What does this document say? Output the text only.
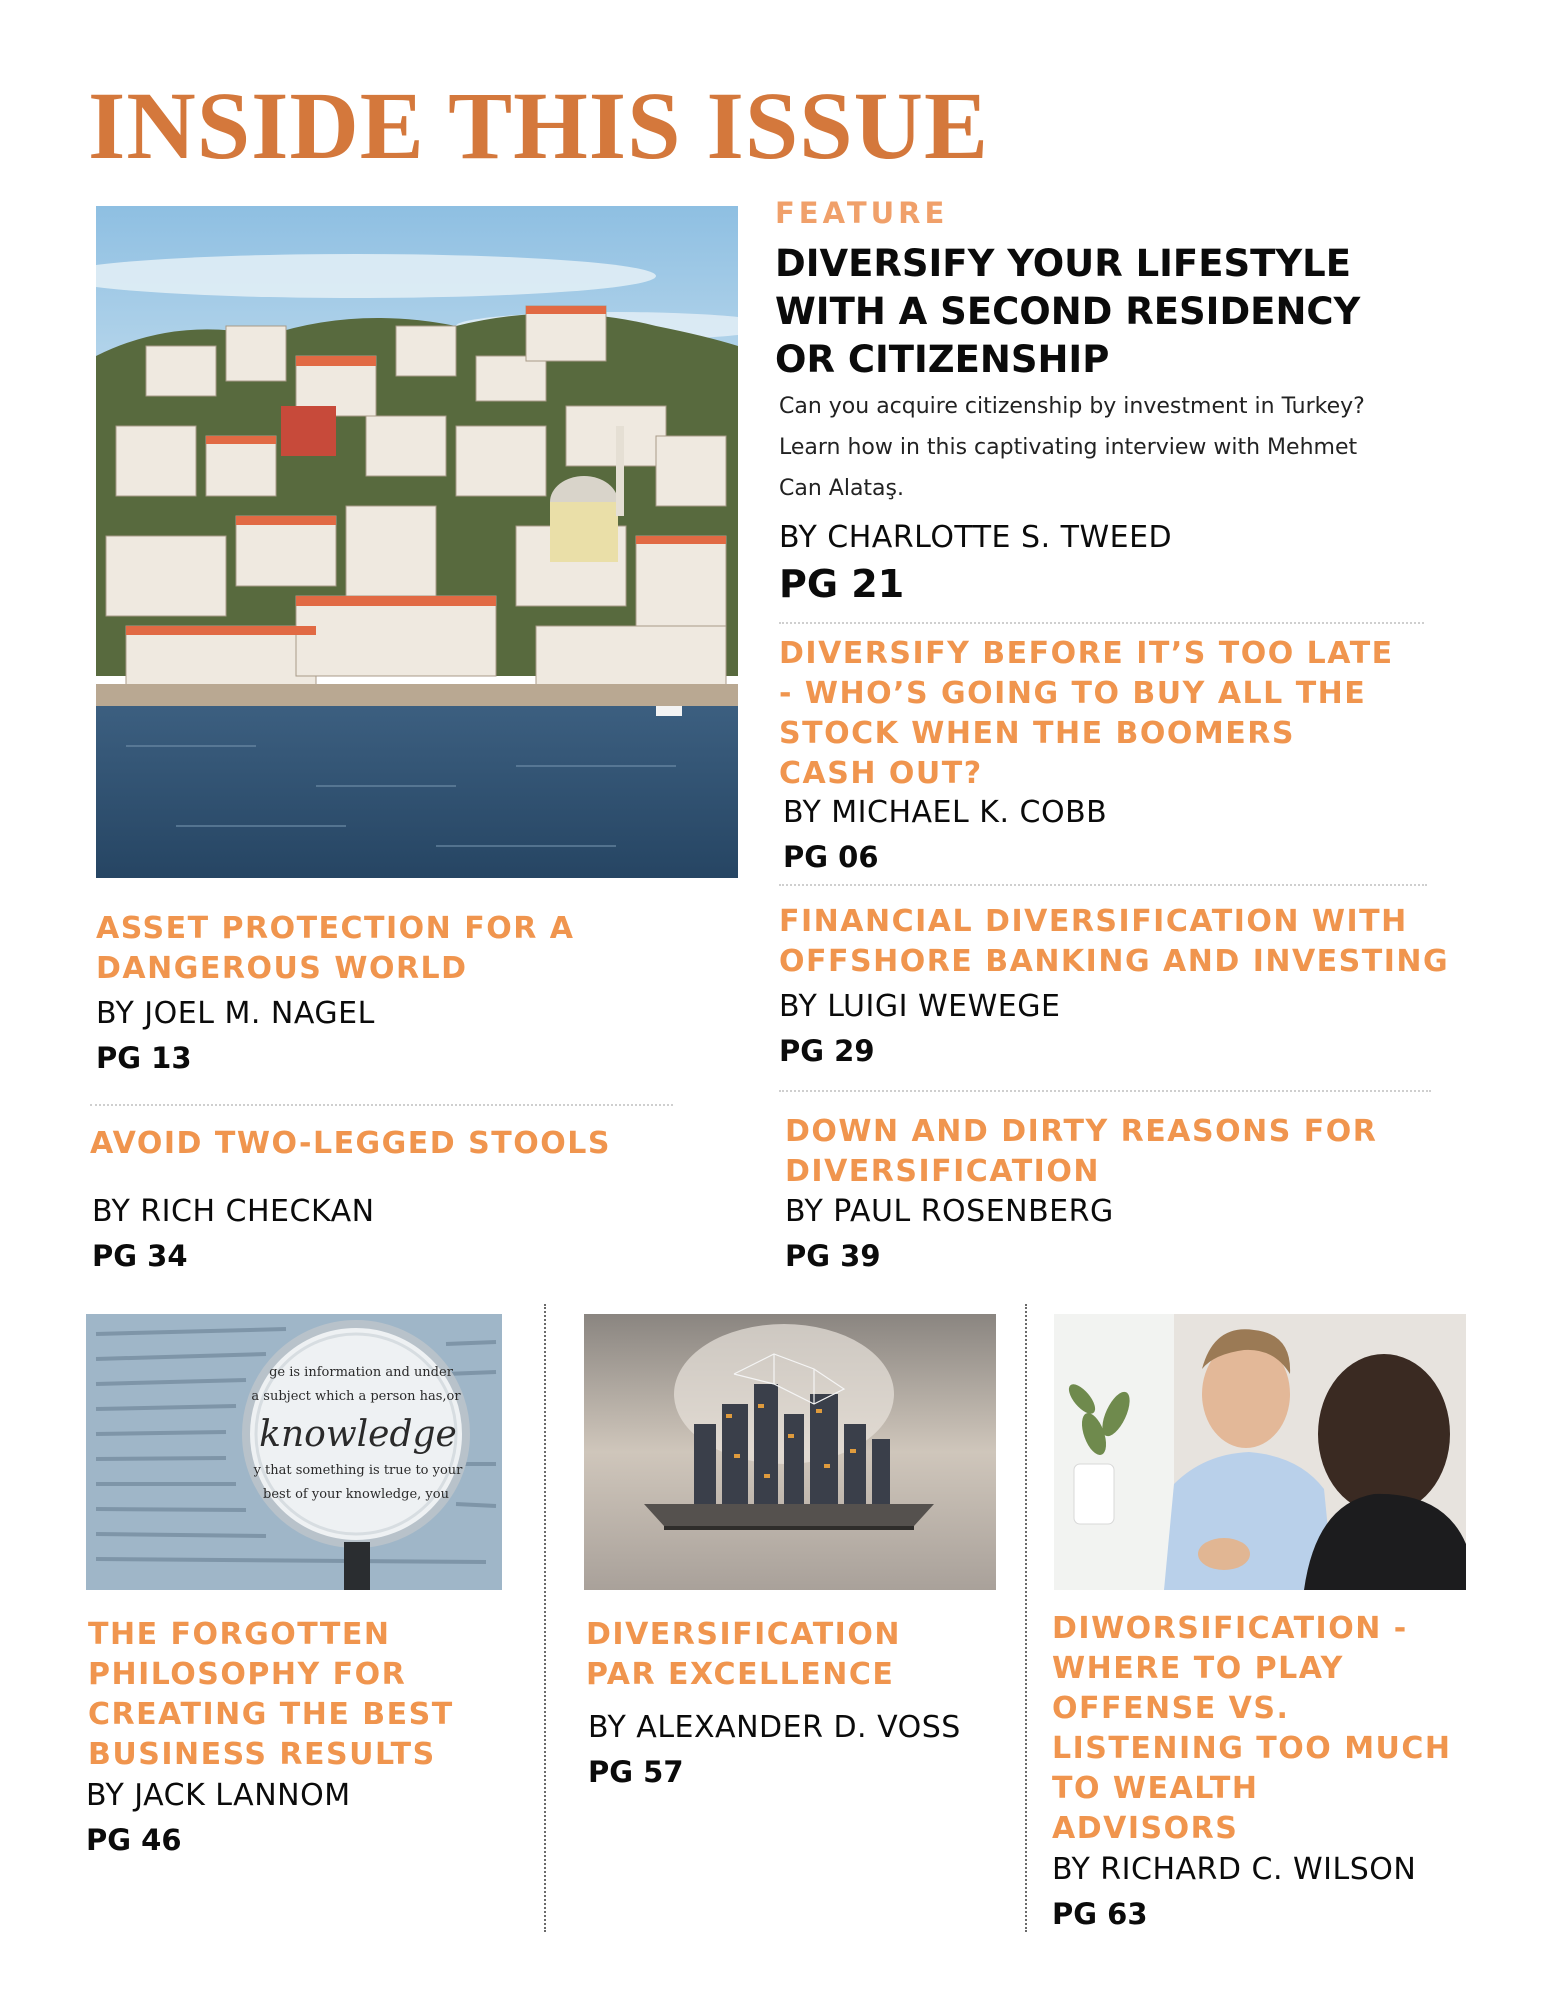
INSIDE THIS ISSUE
FEATURE
DIVERSIFY YOUR LIFESTYLE
WITH A SECOND RESIDENCY
OR CITIZENSHIP
Can you acquire citizenship by investment in Turkey?
Learn how in this captivating interview with Mehmet
Can Alataş.
BY CHARLOTTE S. TWEED
PG 21
DIVERSIFY BEFORE IT’S TOO LATE
- WHO’S GOING TO BUY ALL THE
STOCK WHEN THE BOOMERS
CASH OUT?
BY MICHAEL K. COBB
PG 06
ASSET PROTECTION FOR A
DANGEROUS WORLD
BY JOEL M. NAGEL
PG 13
FINANCIAL DIVERSIFICATION WITH
OFFSHORE BANKING AND INVESTING
BY LUIGI WEWEGE
PG 29
AVOID TWO-LEGGED STOOLS
BY RICH CHECKAN
PG 34
DOWN AND DIRTY REASONS FOR
DIVERSIFICATION
BY PAUL ROSENBERG
PG 39
ge is information and under
a subject which a person has,or
knowledge
y that something is true to your
best of your knowledge, you
THE FORGOTTEN
PHILOSOPHY FOR
CREATING THE BEST
BUSINESS RESULTS
BY JACK LANNOM
PG 46
DIVERSIFICATION
PAR EXCELLENCE
BY ALEXANDER D. VOSS
PG 57
DIWORSIFICATION -
WHERE TO PLAY
OFFENSE VS.
LISTENING TOO MUCH
TO WEALTH
ADVISORS
BY RICHARD C. WILSON
PG 63
